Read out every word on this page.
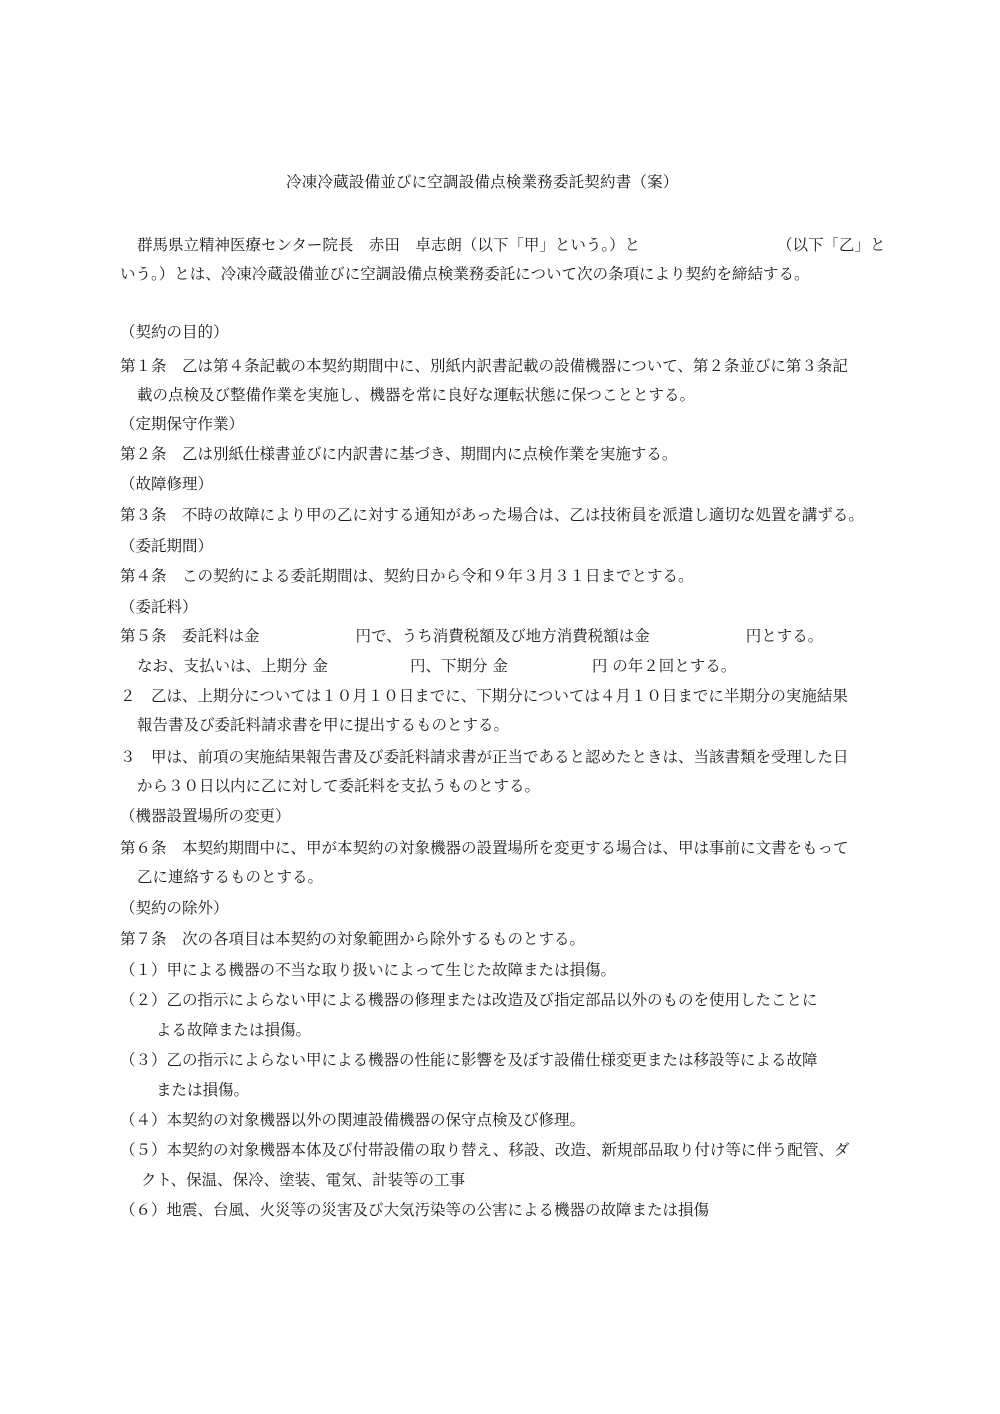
冷凍冷蔵設備並びに空調設備点検業務委託契約書（案）
群馬県立精神医療センター院長　赤田　卓志朗（以下「甲」という。）と	（以下「乙」と
いう。）とは、冷凍冷蔵設備並びに空調設備点検業務委託について次の条項により契約を締結する。
（契約の目的）
第１条　乙は第４条記載の本契約期間中に、別紙内訳書記載の設備機器について、第２条並びに第３条記
載の点検及び整備作業を実施し、機器を常に良好な運転状態に保つこととする。
（定期保守作業）
第２条　乙は別紙仕様書並びに内訳書に基づき、期間内に点検作業を実施する。
（故障修理）
第３条　不時の故障により甲の乙に対する通知があった場合は、乙は技術員を派遣し適切な処置を講ずる。
（委託期間）
第４条　この契約による委託期間は、契約日から令和９年３月３１日までとする。
（委託料）
第５条　委託料は金	円で、うち消費税額及び地方消費税額は金	円とする。
なお、支払いは、上期分 金	円、下期分 金	円 の年２回とする。
２　乙は、上期分については１０月１０日までに、下期分については４月１０日までに半期分の実施結果
報告書及び委託料請求書を甲に提出するものとする。
３　甲は、前項の実施結果報告書及び委託料請求書が正当であると認めたときは、当該書類を受理した日
から３０日以内に乙に対して委託料を支払うものとする。
（機器設置場所の変更）
第６条　本契約期間中に、甲が本契約の対象機器の設置場所を変更する場合は、甲は事前に文書をもって
乙に連絡するものとする。
（契約の除外）
第７条　次の各項目は本契約の対象範囲から除外するものとする。
（１）甲による機器の不当な取り扱いによって生じた故障または損傷。
（２）乙の指示によらない甲による機器の修理または改造及び指定部品以外のものを使用したことに
よる故障または損傷。
（３）乙の指示によらない甲による機器の性能に影響を及ぼす設備仕様変更または移設等による故障
または損傷。
（４）本契約の対象機器以外の関連設備機器の保守点検及び修理。
（５）本契約の対象機器本体及び付帯設備の取り替え、移設、改造、新規部品取り付け等に伴う配管、ダ
クト、保温、保冷、塗装、電気、計装等の工事
（６）地震、台風、火災等の災害及び大気汚染等の公害による機器の故障または損傷
